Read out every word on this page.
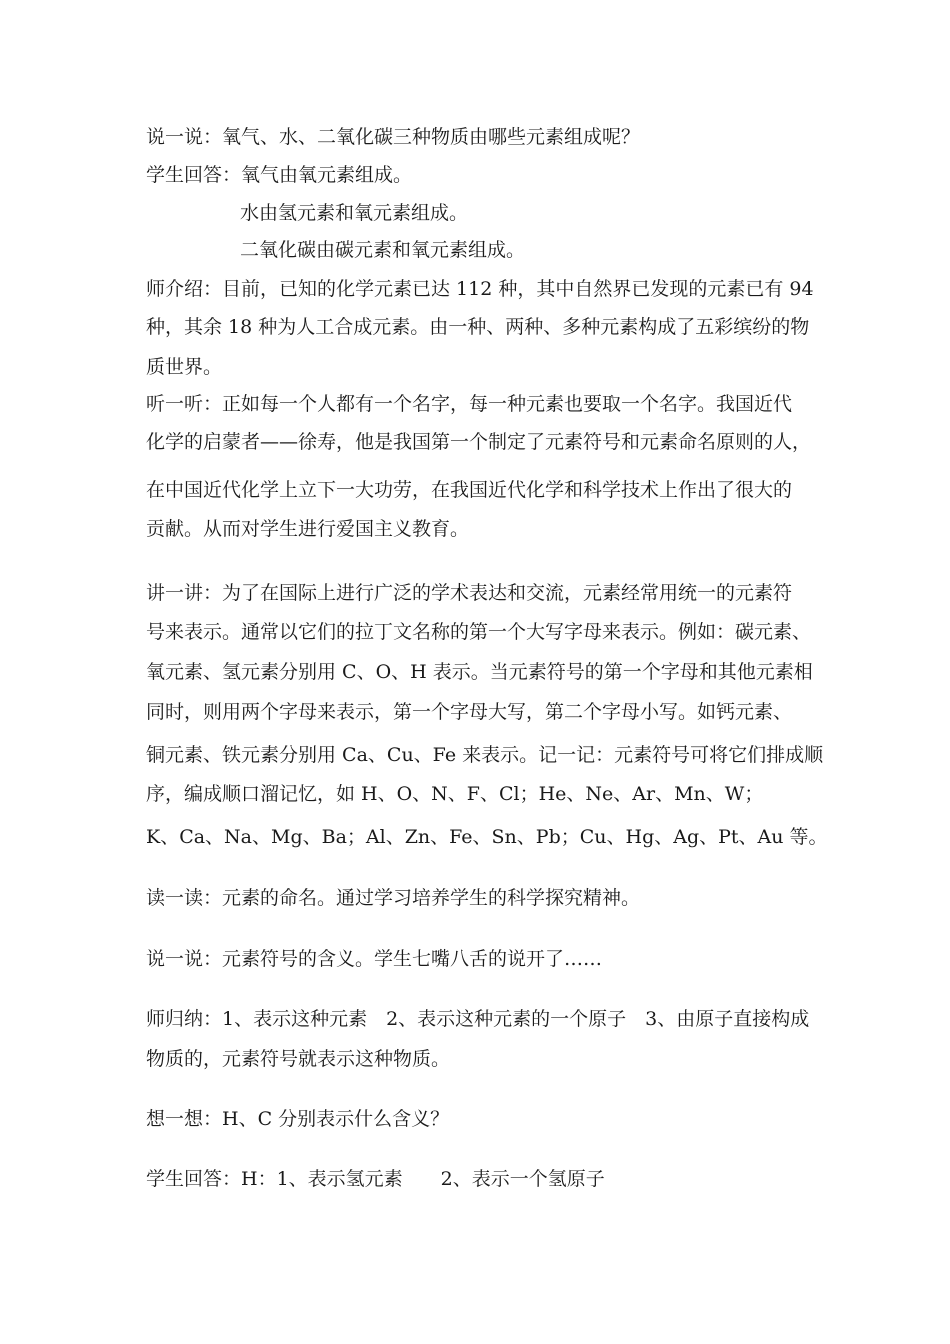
说一说：氧气、水、二氧化碳三种物质由哪些元素组成呢？

学生回答：氧气由氧元素组成。

水由氢元素和氧元素组成。

二氧化碳由碳元素和氧元素组成。

师介绍：目前，已知的化学元素已达 112 种，其中自然界已发现的元素已有 94

种，其余 18 种为人工合成元素。由一种、两种、多种元素构成了五彩缤纷的物

质世界。

听一听：正如每一个人都有一个名字，每一种元素也要取一个名字。我国近代

化学的启蒙者——徐寿，他是我国第一个制定了元素符号和元素命名原则的人，

在中国近代化学上立下一大功劳，在我国近代化学和科学技术上作出了很大的

贡献。从而对学生进行爱国主义教育。

讲一讲：为了在国际上进行广泛的学术表达和交流，元素经常用统一的元素符

号来表示。通常以它们的拉丁文名称的第一个大写字母来表示。例如：碳元素、

氧元素、氢元素分别用 C、O、H 表示。当元素符号的第一个字母和其他元素相

同时，则用两个字母来表示，第一个字母大写，第二个字母小写。如钙元素、

铜元素、铁元素分别用 Ca、Cu、Fe 来表示。记一记：元素符号可将它们排成顺

序，编成顺口溜记忆，如 H、O、N、F、Cl；He、Ne、Ar、Mn、W；

K、Ca、Na、Mg、Ba；Al、Zn、Fe、Sn、Pb；Cu、Hg、Ag、Pt、Au 等。

读一读：元素的命名。通过学习培养学生的科学探究精神。

说一说：元素符号的含义。学生七嘴八舌的说开了……

师归纳：1、表示这种元素　2、表示这种元素的一个原子　3、由原子直接构成

物质的，元素符号就表示这种物质。

想一想：H、C 分别表示什么含义？

学生回答：H：1、表示氢元素　　2、表示一个氢原子
